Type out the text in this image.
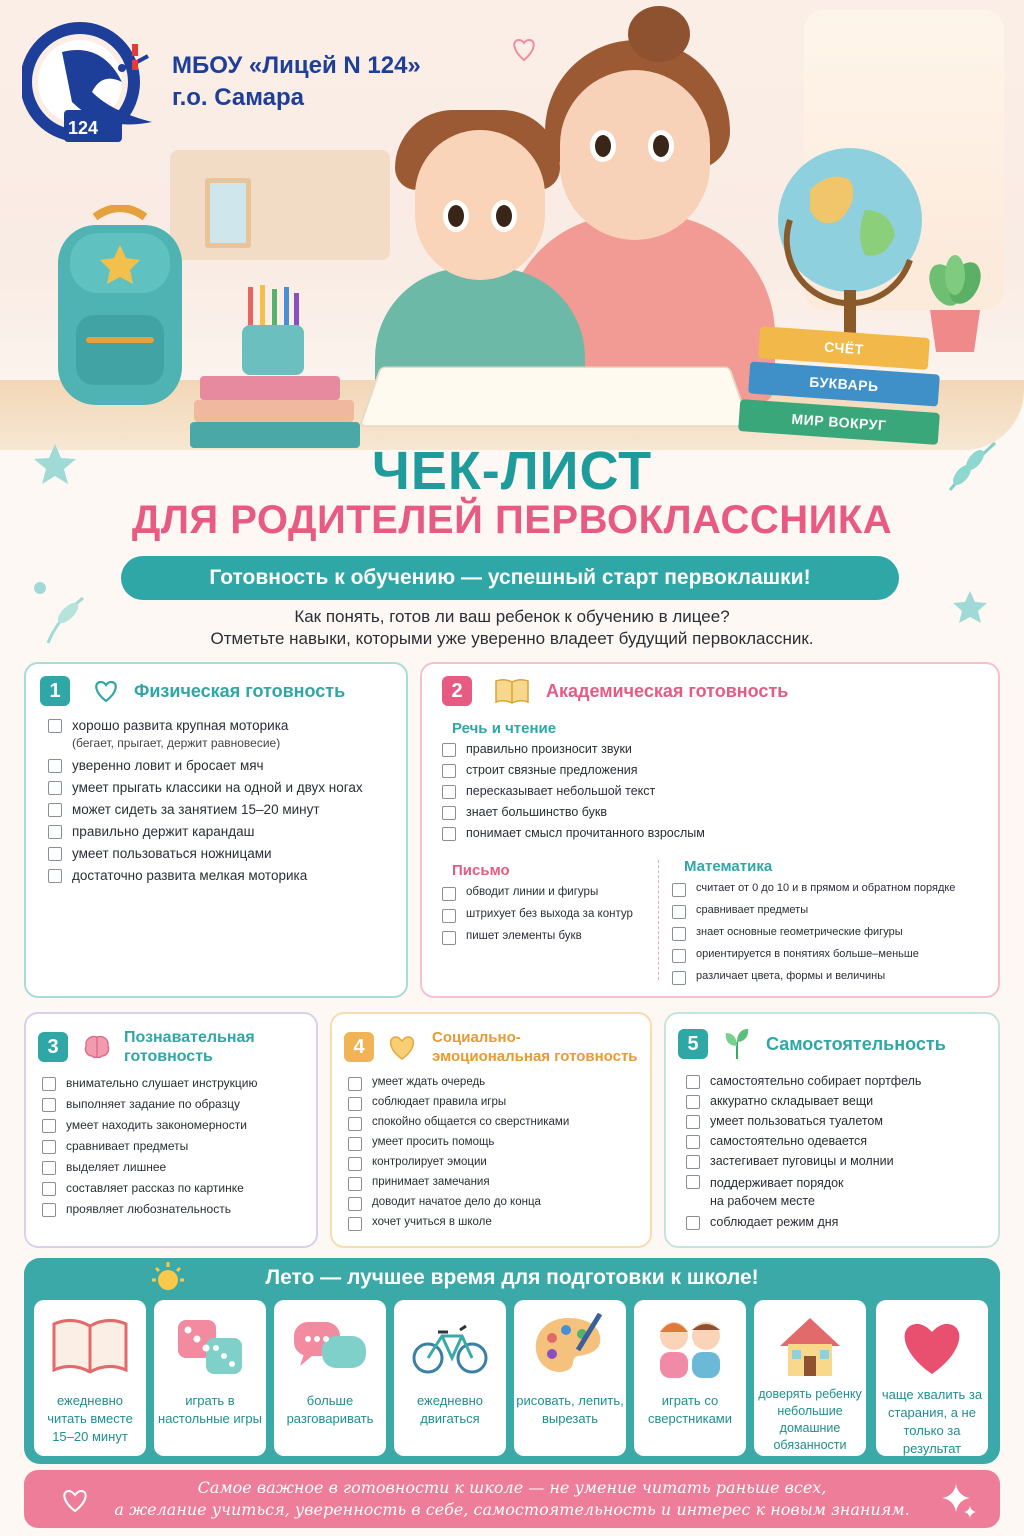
СЧЁТ
БУКВАРЬ
МИР ВОКРУГ
124
МБОУ «Лицей N 124»
г.о. Самара
ЧЕК-ЛИСТ
ДЛЯ РОДИТЕЛЕЙ ПЕРВОКЛАССНИКА
Готовность к обучению — успешный старт первоклашки!
Как понять, готов ли ваш ребенок к обучению в лицее?
Отметьте навыки, которыми уже уверенно владеет будущий первоклассник.
1	Физическая готовность
хорошо развита крупная моторика
(бегает, прыгает, держит равновесие)
уверенно ловит и бросает мяч
умеет прыгать классики на одной и двух ногах
может сидеть за занятием 15–20 минут
правильно держит карандаш
умеет пользоваться ножницами
достаточно развита мелкая моторика
2	Академическая готовность
Речь и чтение
правильно произносит звуки
строит связные предложения
пересказывает небольшой текст
знает большинство букв
понимает смысл прочитанного взрослым
Письмо
обводит линии и фигуры
штрихует без выхода за контур
пишет элементы букв
Математика
считает от 0 до 10 и в прямом и обратном порядке
сравнивает предметы
знает основные геометрические фигуры
ориентируется в понятиях больше–меньше
различает цвета, формы и величины
3	Познавательная
готовность
внимательно слушает инструкцию
выполняет задание по образцу
умеет находить закономерности
сравнивает предметы
выделяет лишнее
составляет рассказ по картинке
проявляет любознательность
4	Социально-
эмоциональная готовность
умеет ждать очередь
соблюдает правила игры
спокойно общается со сверстниками
умеет просить помощь
контролирует эмоции
принимает замечания
доводит начатое дело до конца
хочет учиться в школе
5	Самостоятельность
самостоятельно собирает портфель
аккуратно складывает вещи
умеет пользоваться туалетом
самостоятельно одевается
застегивает пуговицы и молнии
поддерживает порядок на рабочем месте
соблюдает режим дня
Лето — лучшее время для подготовки к школе!
ежедневно читать вместе 15–20 минут
играть в настольные игры
больше разговаривать
ежедневно двигаться
рисовать, лепить, вырезать
играть со сверстниками
доверять ребенку небольшие домашние обязанности
чаще хвалить за старания, а не только за результат
Самое важное в готовности к школе — не умение читать раньше всех,
а желание учиться, уверенность в себе, самостоятельность и интерес к новым знаниям.
